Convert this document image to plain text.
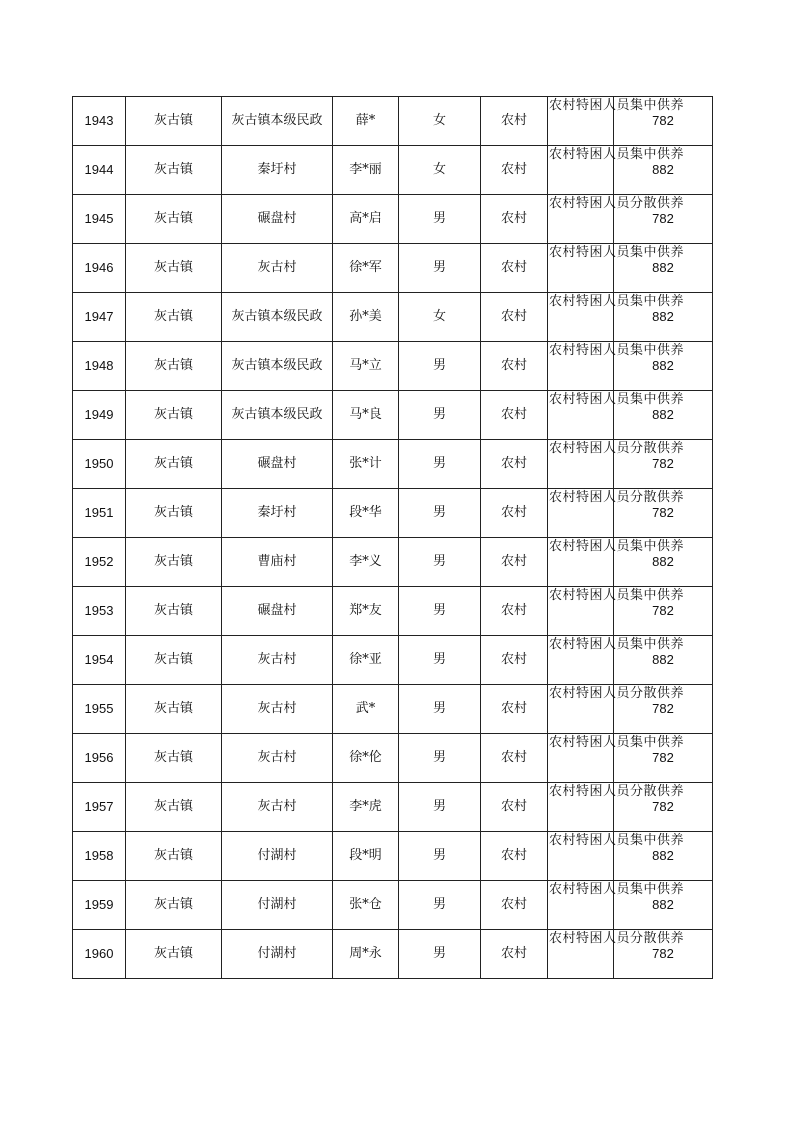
1943	灰古镇	灰古镇本级民政	薛*	女	农村	农村特困人员集中供养	782
1944	灰古镇	秦圩村	李*丽	女	农村	农村特困人员集中供养	882
1945	灰古镇	碾盘村	高*启	男	农村	农村特困人员分散供养	782
1946	灰古镇	灰古村	徐*军	男	农村	农村特困人员集中供养	882
1947	灰古镇	灰古镇本级民政	孙*美	女	农村	农村特困人员集中供养	882
1948	灰古镇	灰古镇本级民政	马*立	男	农村	农村特困人员集中供养	882
1949	灰古镇	灰古镇本级民政	马*良	男	农村	农村特困人员集中供养	882
1950	灰古镇	碾盘村	张*计	男	农村	农村特困人员分散供养	782
1951	灰古镇	秦圩村	段*华	男	农村	农村特困人员分散供养	782
1952	灰古镇	曹庙村	李*义	男	农村	农村特困人员集中供养	882
1953	灰古镇	碾盘村	郑*友	男	农村	农村特困人员集中供养	782
1954	灰古镇	灰古村	徐*亚	男	农村	农村特困人员集中供养	882
1955	灰古镇	灰古村	武*	男	农村	农村特困人员分散供养	782
1956	灰古镇	灰古村	徐*伦	男	农村	农村特困人员集中供养	782
1957	灰古镇	灰古村	李*虎	男	农村	农村特困人员分散供养	782
1958	灰古镇	付湖村	段*明	男	农村	农村特困人员集中供养	882
1959	灰古镇	付湖村	张*仓	男	农村	农村特困人员集中供养	882
1960	灰古镇	付湖村	周*永	男	农村	农村特困人员分散供养	782
